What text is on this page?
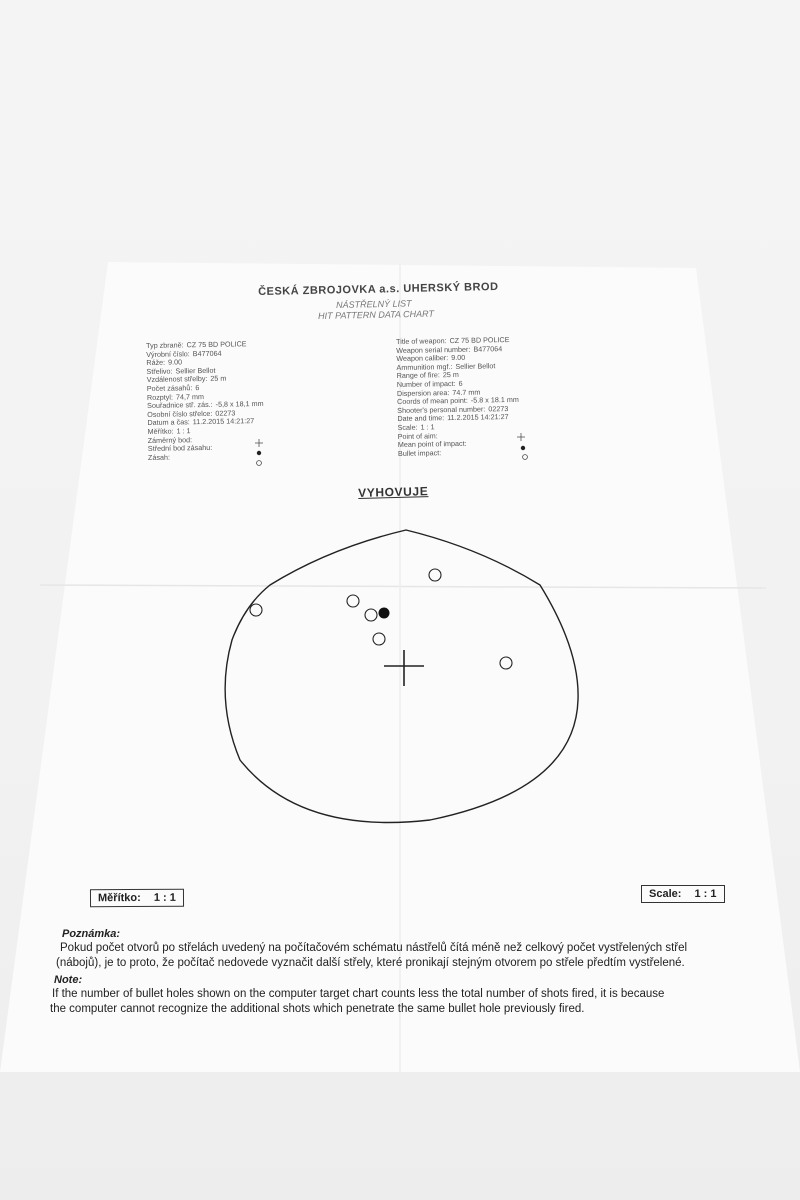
ČESKÁ ZBROJOVKA a.s. UHERSKÝ BROD
NÁSTŘELNÝ LIST
HIT PATTERN DATA CHART
Typ zbraně: CZ 75 BD POLICE
Výrobní číslo: B477064
Ráže: 9.00
Střelivo: Sellier Bellot
Vzdálenost střelby: 25 m
Počet zásahů: 6
Rozptyl: 74,7 mm
Souřadnice stř. zás.: -5,8 x 18,1 mm
Osobní číslo střelce: 02273
Datum a čas: 11.2.2015 14:21:27
Měřítko: 1 : 1
Záměrný bod:
Střední bod zásahu:
Zásah:
Title of weapon: CZ 75 BD POLICE
Weapon serial number: B477064
Weapon caliber: 9.00
Ammunition mgf.: Sellier Bellot
Range of fire: 25 m
Number of impact: 6
Dispersion area: 74.7 mm
Coords of mean point: -5.8 x 18.1 mm
Shooter's personal number: 02273
Date and time: 11.2.2015 14:21:27
Scale: 1 : 1
Point of aim:
Mean point of impact:
Bullet impact:
VYHOVUJE
Měřítko: 1 : 1	Scale: 1 : 1
Poznámka:
Pokud počet otvorů po střelách uvedený na počítačovém schématu nástřelů čítá méně než celkový počet vystřelených střel
(nábojů), je to proto, že počítač nedovede vyznačit další střely, které pronikají stejným otvorem po střele předtím vystřelené.
Note:
If the number of bullet holes shown on the computer target chart counts less the total number of shots fired, it is because
the computer cannot recognize the additional shots which penetrate the same bullet hole previously fired.
